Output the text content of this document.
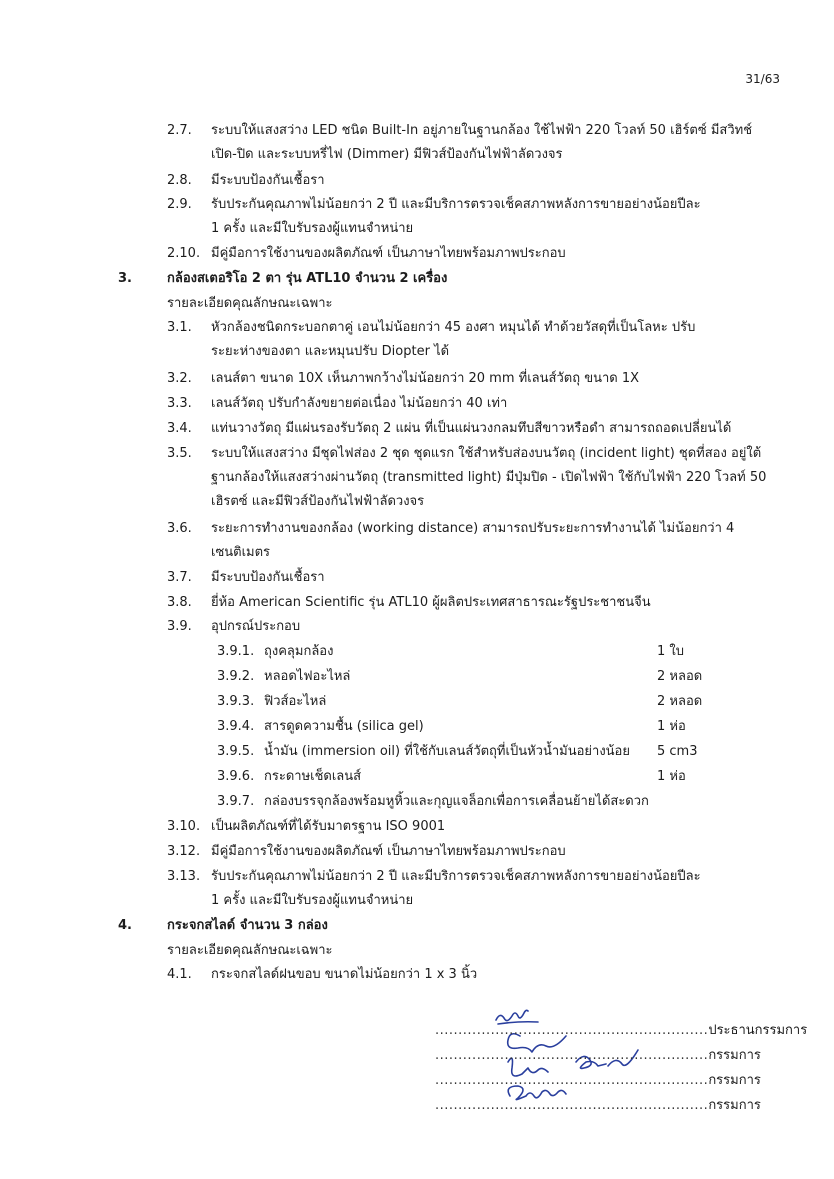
31/63
2.7. ระบบให้แสงสว่าง LED ชนิด Built-In อยู่ภายในฐานกล้อง ใช้ไฟฟ้า 220 โวลท์ 50 เฮิร์ตซ์ มีสวิทช์
เปิด-ปิด และระบบหรี่ไฟ (Dimmer) มีฟิวส์ป้องกันไฟฟ้าลัดวงจร
2.8. มีระบบป้องกันเชื้อรา
2.9. รับประกันคุณภาพไม่น้อยกว่า 2 ปี และมีบริการตรวจเช็คสภาพหลังการขายอย่างน้อยปีละ
1 ครั้ง และมีใบรับรองผู้แทนจำหน่าย
2.10. มีคู่มือการใช้งานของผลิตภัณฑ์ เป็นภาษาไทยพร้อมภาพประกอบ
3.	กล้องสเตอริโอ 2 ตา รุ่น ATL10 จำนวน 2 เครื่อง
รายละเอียดคุณลักษณะเฉพาะ
3.1. หัวกล้องชนิดกระบอกตาคู่ เอนไม่น้อยกว่า 45 องศา หมุนได้ ทำด้วยวัสดุที่เป็นโลหะ ปรับ
ระยะห่างของตา และหมุนปรับ Diopter ได้
3.2. เลนส์ตา ขนาด 10X เห็นภาพกว้างไม่น้อยกว่า 20 mm ที่เลนส์วัตถุ ขนาด 1X
3.3. เลนส์วัตถุ ปรับกำลังขยายต่อเนื่อง ไม่น้อยกว่า 40 เท่า
3.4. แท่นวางวัตถุ มีแผ่นรองรับวัตถุ 2 แผ่น ที่เป็นแผ่นวงกลมทึบสีขาวหรือดำ สามารถถอดเปลี่ยนได้
3.5. ระบบให้แสงสว่าง มีชุดไฟส่อง 2 ชุด ชุดแรก ใช้สำหรับส่องบนวัตถุ (incident light) ชุดที่สอง อยู่ใต้
ฐานกล้องให้แสงสว่างผ่านวัตถุ (transmitted light) มีปุ่มปิด - เปิดไฟฟ้า ใช้กับไฟฟ้า 220 โวลท์ 50
เฮิรตซ์ และมีฟิวส์ป้องกันไฟฟ้าลัดวงจร
3.6. ระยะการทำงานของกล้อง (working distance) สามารถปรับระยะการทำงานได้ ไม่น้อยกว่า 4
เซนติเมตร
3.7. มีระบบป้องกันเชื้อรา
3.8. ยี่ห้อ American Scientific รุ่น ATL10 ผู้ผลิตประเทศสาธารณะรัฐประชาชนจีน
3.9. อุปกรณ์ประกอบ
3.9.1. ถุงคลุมกล้อง	1 ใบ
3.9.2. หลอดไฟอะไหล่	2 หลอด
3.9.3. ฟิวส์อะไหล่	2 หลอด
3.9.4. สารดูดความชื้น (silica gel)	1 ห่อ
3.9.5. น้ำมัน (immersion oil) ที่ใช้กับเลนส์วัตถุที่เป็นหัวน้ำมันอย่างน้อย 5 cm3
3.9.6. กระดาษเช็ดเลนส์	1 ห่อ
3.9.7. กล่องบรรจุกล้องพร้อมหูหิ้วและกุญแจล็อกเพื่อการเคลื่อนย้ายได้สะดวก
3.10. เป็นผลิตภัณฑ์ที่ได้รับมาตรฐาน ISO 9001
3.12. มีคู่มือการใช้งานของผลิตภัณฑ์ เป็นภาษาไทยพร้อมภาพประกอบ
3.13. รับประกันคุณภาพไม่น้อยกว่า 2 ปี และมีบริการตรวจเช็คสภาพหลังการขายอย่างน้อยปีละ
1 ครั้ง และมีใบรับรองผู้แทนจำหน่าย
4.	กระจกสไลด์ จำนวน 3 กล่อง
รายละเอียดคุณลักษณะเฉพาะ
4.1. กระจกสไลด์ฝนขอบ ขนาดไม่น้อยกว่า 1 x 3 นิ้ว
...........................................................ประธานกรรมการ
...........................................................กรรมการ
...........................................................กรรมการ
...........................................................กรรมการ
